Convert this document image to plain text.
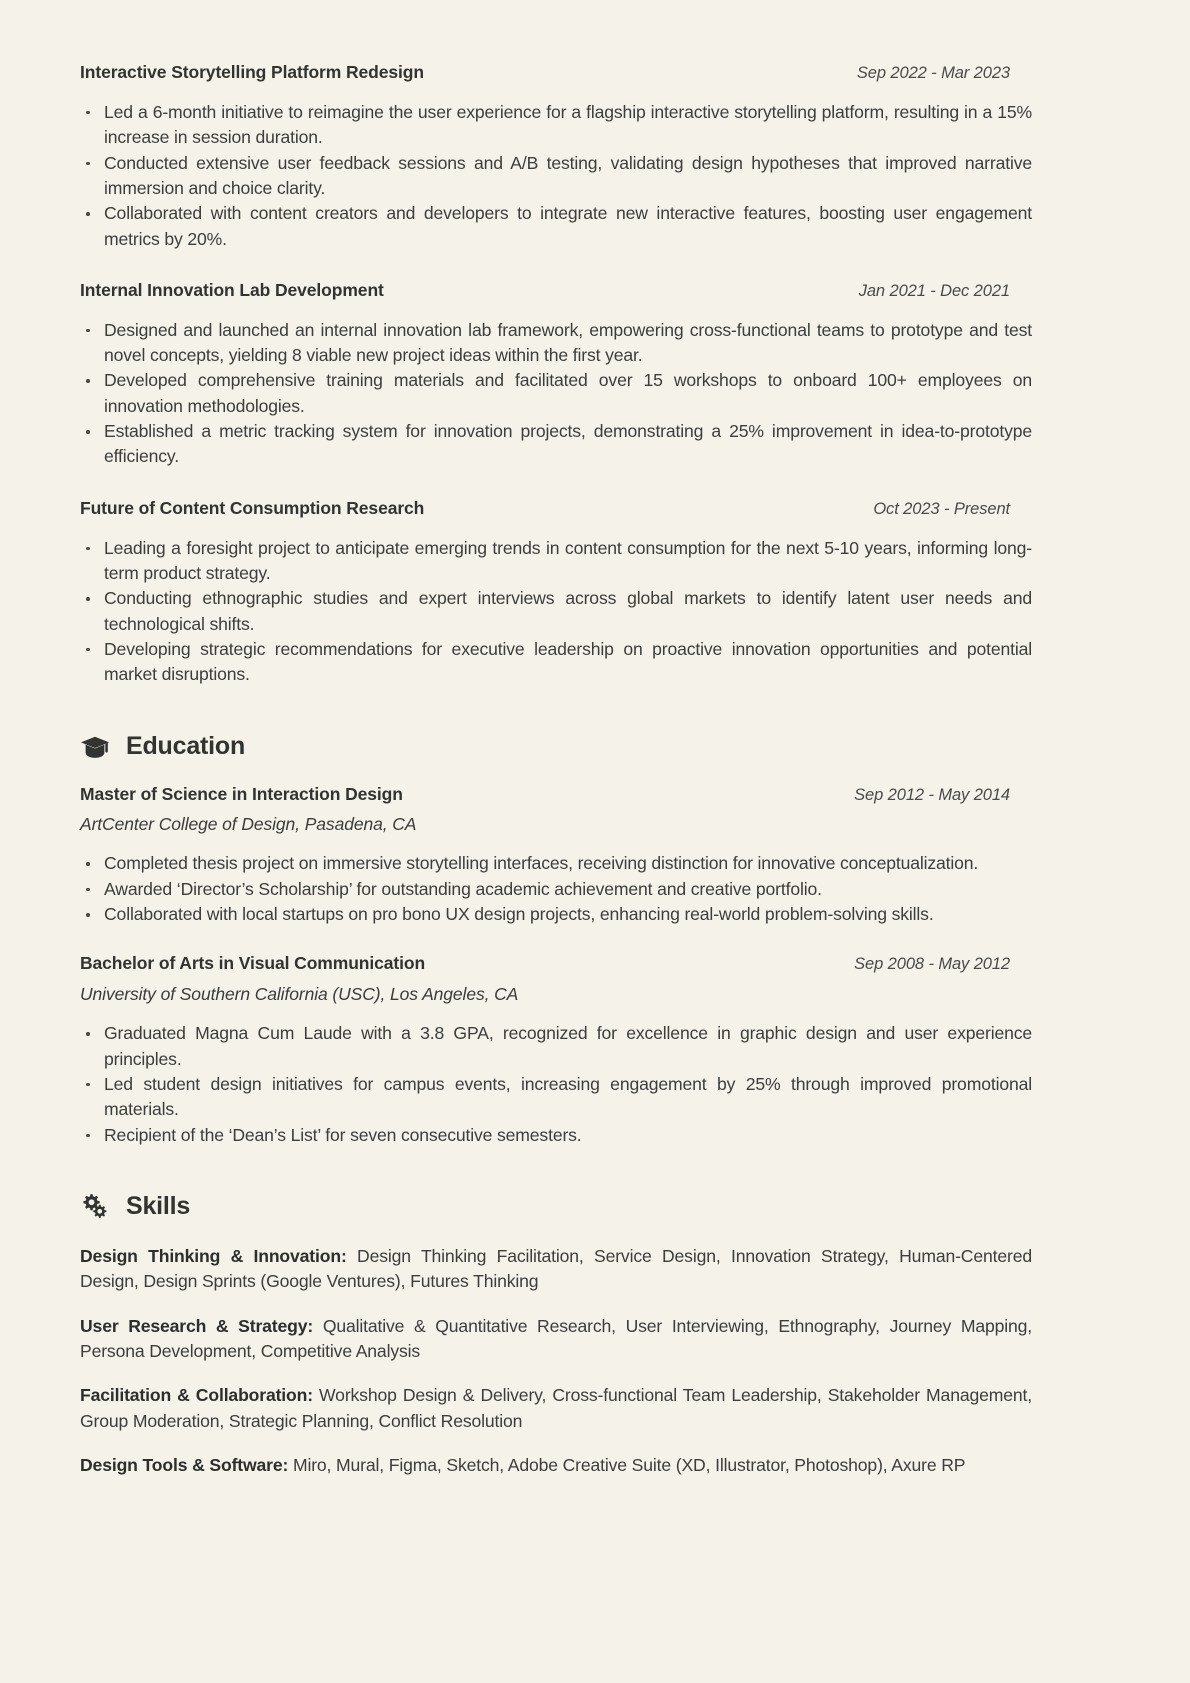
Interactive Storytelling Platform Redesign	Sep 2022 - Mar 2023
Led a 6-month initiative to reimagine the user experience for a flagship interactive storytelling platform, resulting in a 15% increase in session duration.
Conducted extensive user feedback sessions and A/B testing, validating design hypotheses that improved narrative immersion and choice clarity.
Collaborated with content creators and developers to integrate new interactive features, boosting user engagement metrics by 20%.
Internal Innovation Lab Development	Jan 2021 - Dec 2021
Designed and launched an internal innovation lab framework, empowering cross-functional teams to prototype and test novel concepts, yielding 8 viable new project ideas within the first year.
Developed comprehensive training materials and facilitated over 15 workshops to onboard 100+ employees on innovation methodologies.
Established a metric tracking system for innovation projects, demonstrating a 25% improvement in idea-to-prototype efficiency.
Future of Content Consumption Research	Oct 2023 - Present
Leading a foresight project to anticipate emerging trends in content consumption for the next 5-10 years, informing long-term product strategy.
Conducting ethnographic studies and expert interviews across global markets to identify latent user needs and technological shifts.
Developing strategic recommendations for executive leadership on proactive innovation opportunities and potential market disruptions.
Education
Master of Science in Interaction Design	Sep 2012 - May 2014
ArtCenter College of Design, Pasadena, CA
Completed thesis project on immersive storytelling interfaces, receiving distinction for innovative conceptualization.
Awarded ‘Director’s Scholarship’ for outstanding academic achievement and creative portfolio.
Collaborated with local startups on pro bono UX design projects, enhancing real-world problem-solving skills.
Bachelor of Arts in Visual Communication	Sep 2008 - May 2012
University of Southern California (USC), Los Angeles, CA
Graduated Magna Cum Laude with a 3.8 GPA, recognized for excellence in graphic design and user experience principles.
Led student design initiatives for campus events, increasing engagement by 25% through improved promotional materials.
Recipient of the ‘Dean’s List’ for seven consecutive semesters.
Skills
Design Thinking & Innovation: Design Thinking Facilitation, Service Design, Innovation Strategy, Human-Centered Design, Design Sprints (Google Ventures), Futures Thinking
User Research & Strategy: Qualitative & Quantitative Research, User Interviewing, Ethnography, Journey Mapping, Persona Development, Competitive Analysis
Facilitation & Collaboration: Workshop Design & Delivery, Cross-functional Team Leadership, Stakeholder Management, Group Moderation, Strategic Planning, Conflict Resolution
Design Tools & Software: Miro, Mural, Figma, Sketch, Adobe Creative Suite (XD, Illustrator, Photoshop), Axure RP
